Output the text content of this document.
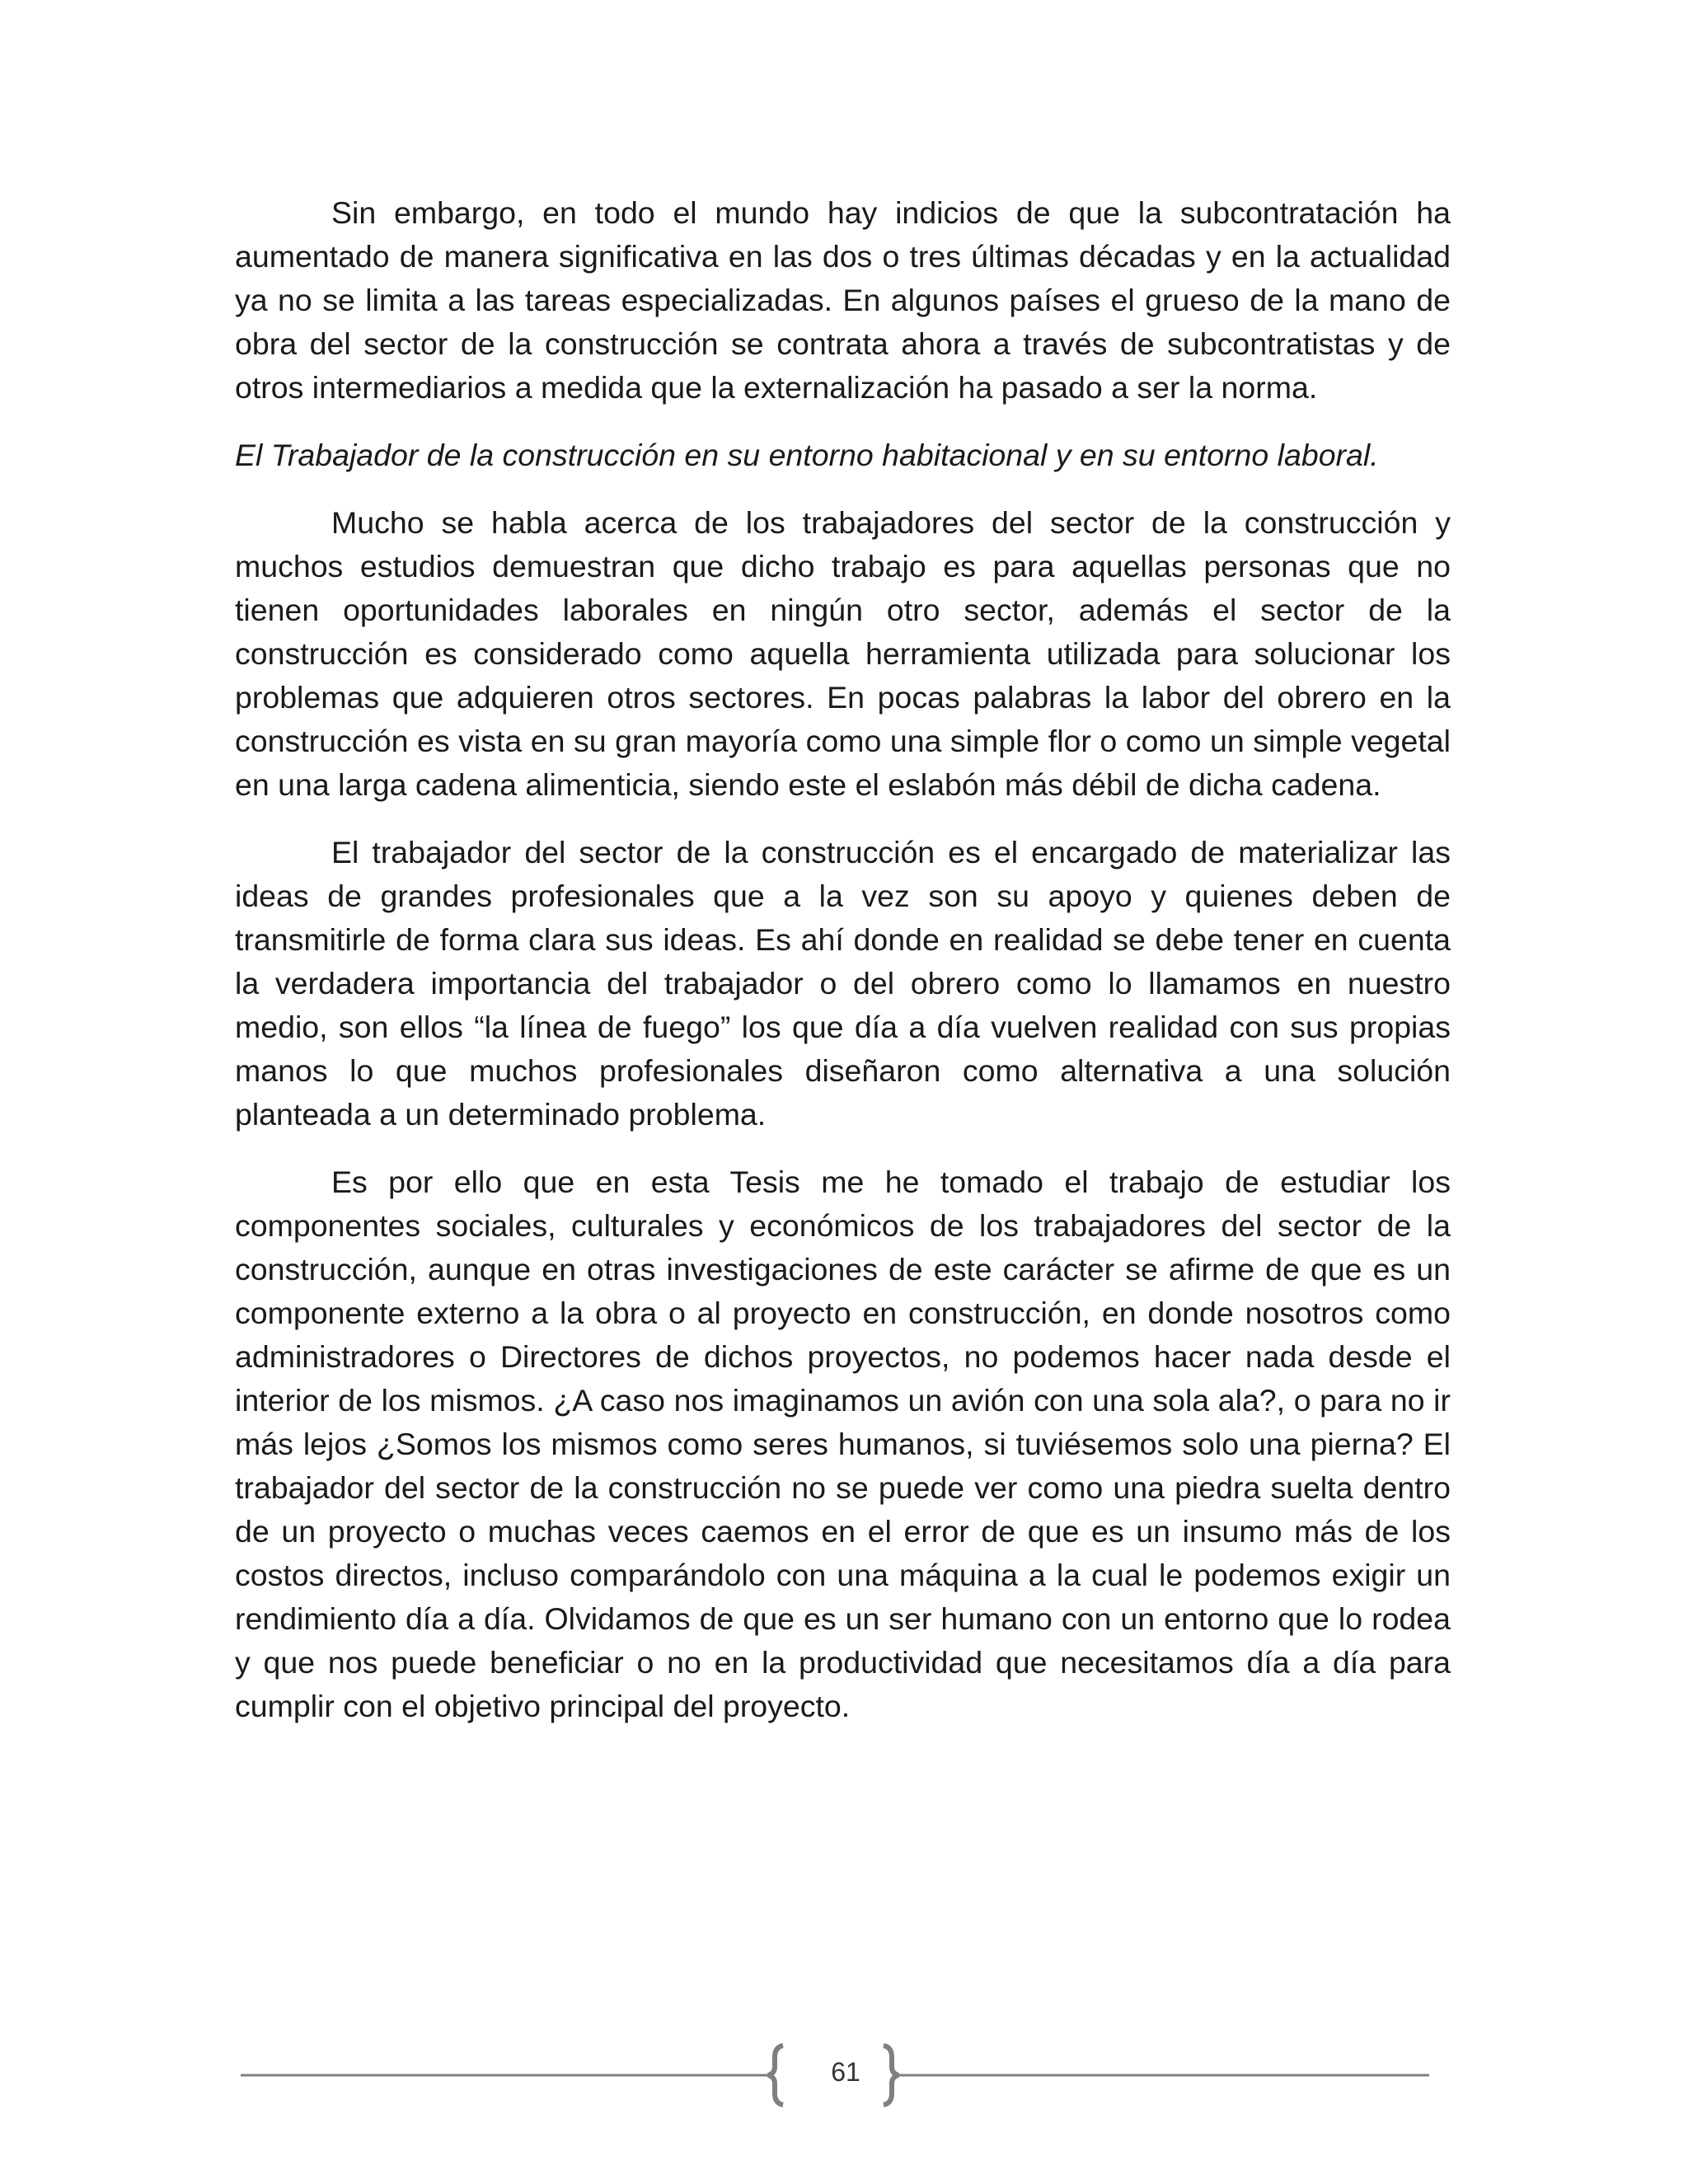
Sin embargo, en todo el mundo hay indicios de que la subcontratación ha aumentado de manera significativa en las dos o tres últimas décadas y en la actualidad ya no se limita a las tareas especializadas. En algunos países el grueso de la mano de obra del sector de la construcción se contrata ahora a través de subcontratistas y de otros intermediarios a medida que la externalización ha pasado a ser la norma.

El Trabajador de la construcción en su entorno habitacional y en su entorno laboral.

Mucho se habla acerca de los trabajadores del sector de la construcción y muchos estudios demuestran que dicho trabajo es para aquellas personas que no tienen oportunidades laborales en ningún otro sector, además el sector de la construcción es considerado como aquella herramienta utilizada para solucionar los problemas que adquieren otros sectores. En pocas palabras la labor del obrero en la construcción es vista en su gran mayoría como una simple flor o como un simple vegetal en una larga cadena alimenticia, siendo este el eslabón más débil de dicha cadena.

El trabajador del sector de la construcción es el encargado de materializar las ideas de grandes profesionales que a la vez son su apoyo y quienes deben de transmitirle de forma clara sus ideas. Es ahí donde en realidad se debe tener en cuenta la verdadera importancia del trabajador o del obrero como lo llamamos en nuestro medio, son ellos “la línea de fuego” los que día a día vuelven realidad con sus propias manos lo que muchos profesionales diseñaron como alternativa a una solución planteada a un determinado problema.

Es por ello que en esta Tesis me he tomado el trabajo de estudiar los componentes sociales, culturales y económicos de los trabajadores del sector de la construcción, aunque en otras investigaciones de este carácter se afirme de que es un componente externo a la obra o al proyecto en construcción, en donde nosotros como administradores o Directores de dichos proyectos, no podemos hacer nada desde el interior de los mismos. ¿A caso nos imaginamos un avión con una sola ala?, o para no ir más lejos ¿Somos los mismos como seres humanos, si tuviésemos solo una pierna? El trabajador del sector de la construcción no se puede ver como una piedra suelta dentro de un proyecto o muchas veces caemos en el error de que es un insumo más de los costos directos, incluso comparándolo con una máquina a la cual le podemos exigir un rendimiento día a día. Olvidamos de que es un ser humano con un entorno que lo rodea y que nos puede beneficiar o no en la productividad que necesitamos día a día para cumplir con el objetivo principal del proyecto.

61
